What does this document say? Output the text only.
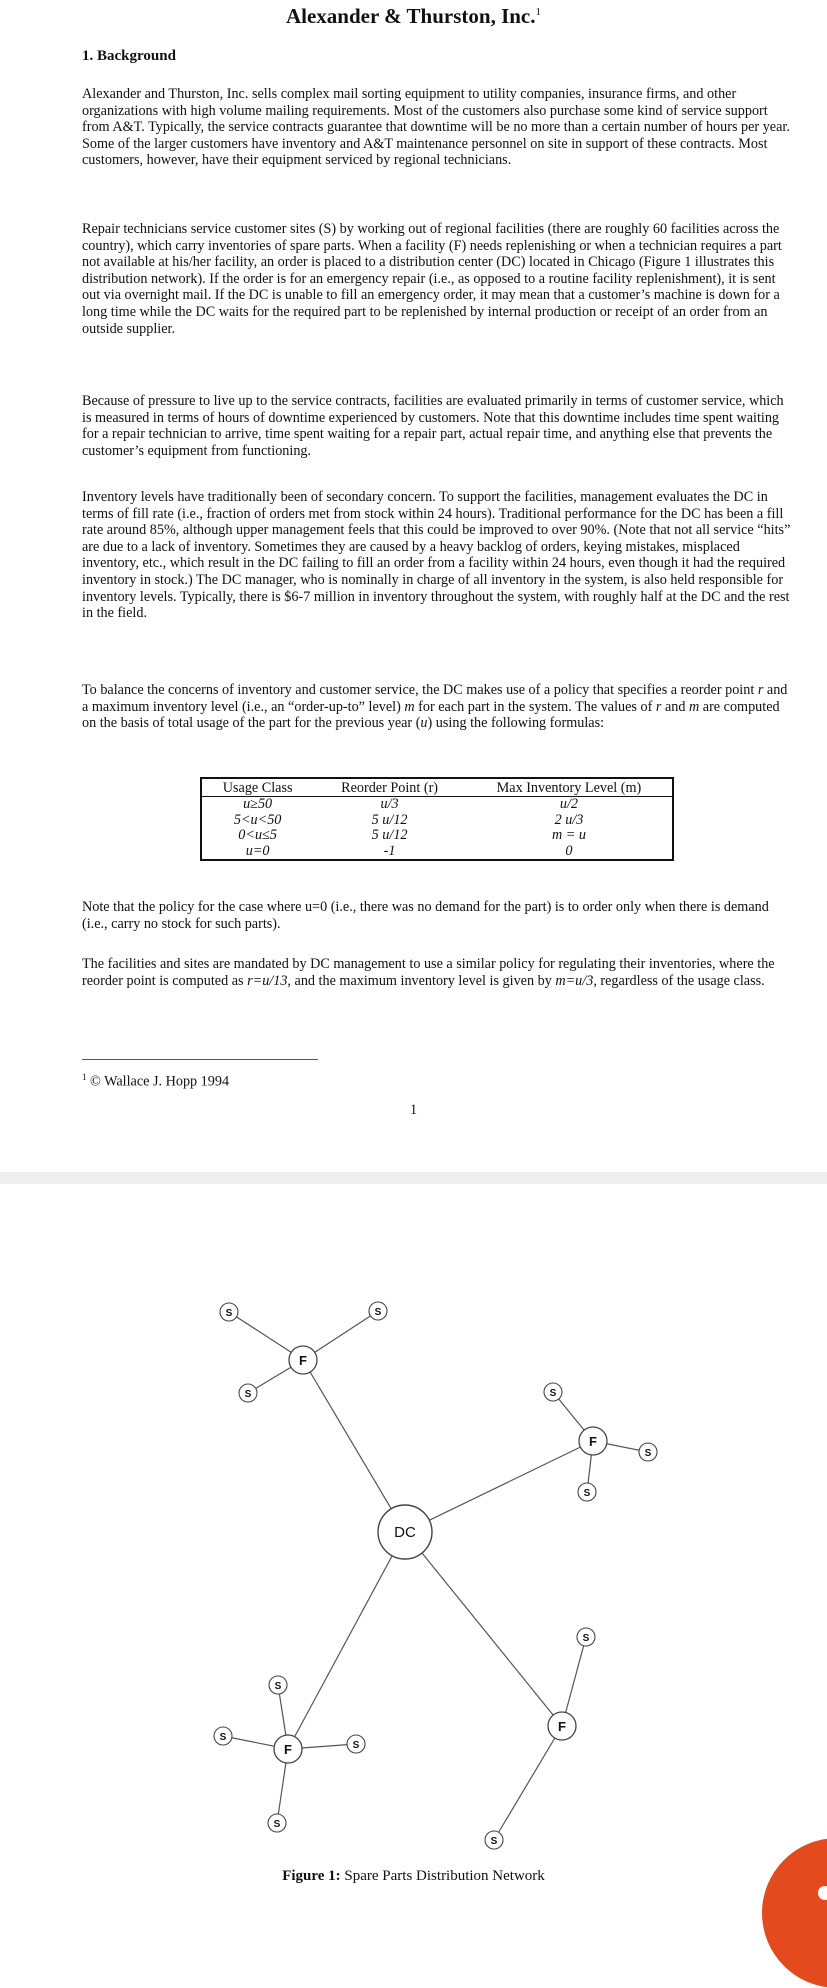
Alexander & Thurston, Inc.$^1$
1. Background

Alexander and Thurston, Inc. sells complex mail sorting equipment to utility companies, insurance firms, and other organizations with high volume mailing requirements. Most of the customers also purchase some kind of service support from A&T. Typically, the service contracts guarantee that downtime will be no more than a certain number of hours per year. Some of the larger customers have inventory and A&T maintenance personnel on site in support of these contracts. Most customers, however, have their equipment serviced by regional technicians.

Repair technicians service customer sites (S) by working out of regional facilities (there are roughly 60 facilities across the country), which carry inventories of spare parts. When a facility (F) needs replenishing or when a technician requires a part not available at his/her facility, an order is placed to a distribution center (DC) located in Chicago (Figure 1 illustrates this distribution network). If the order is for an emergency repair (i.e., as opposed to a routine facility replenishment), it is sent out via overnight mail. If the DC is unable to fill an emergency order, it may mean that a customer’s machine is down for a long time while the DC waits for the required part to be replenished by internal production or receipt of an order from an outside supplier.

Because of pressure to live up to the service contracts, facilities are evaluated primarily in terms of customer service, which is measured in terms of hours of downtime experienced by customers. Note that this downtime includes time spent waiting for a repair technician to arrive, time spent waiting for a repair part, actual repair time, and anything else that prevents the customer’s equipment from functioning.

Inventory levels have traditionally been of secondary concern. To support the facilities, management evaluates the DC in terms of fill rate (i.e., fraction of orders met from stock within 24 hours). Traditional performance for the DC has been a fill rate around 85%, although upper management feels that this could be improved to over 90%. (Note that not all service “hits” are due to a lack of inventory. Sometimes they are caused by a heavy backlog of orders, keying mistakes, misplaced inventory, etc., which result in the DC failing to fill an order from a facility within 24 hours, even though it had the required inventory in stock.) The DC manager, who is nominally in charge of all inventory in the system, is also held responsible for inventory levels. Typically, there is $6-7 million in inventory throughout the system, with roughly half at the DC and the rest in the field.

To balance the concerns of inventory and customer service, the DC makes use of a policy that specifies a reorder point r and a maximum inventory level (i.e., an “order-up-to” level) m for each part in the system. The values of r and m are computed on the basis of total usage of the part for the previous year (u) using the following formulas:

Usage Class	Reorder Point (r)	Max Inventory Level (m)
u≥50	u/3	u/2
5<u<50	5 u/12	2 u/3
0<u≤5	5 u/12	m = u
u=0	-1	0

Note that the policy for the case where u=0 (i.e., there was no demand for the part) is to order only when there is demand (i.e., carry no stock for such parts).

The facilities and sites are mandated by DC management to use a similar policy for regulating their inventories, where the reorder point is computed as r=u/13, and the maximum inventory level is given by m=u/3, regardless of the usage class.

$^1$ © Wallace J. Hopp 1994
1
DC
F
F
F
F
S	S
S	S
S
S
S
S
S
S
S
S
Figure 1: Spare Parts Distribution Network
